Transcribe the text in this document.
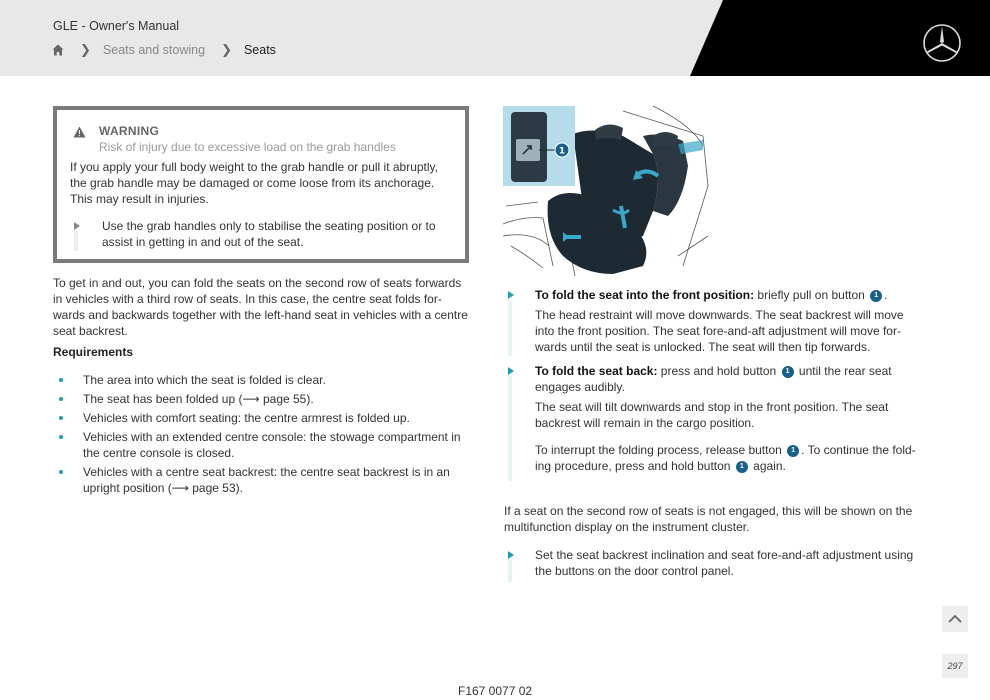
GLE - Owner's Manual
❯ Seats and stowing ❯ Seats
WARNING
Risk of injury due to excessive load on the grab handles
If you apply your full body weight to the grab handle or pull it abruptly, the grab handle may be damaged or come loose from its anchorage. This may result in injuries.
Use the grab handles only to stabilise the seating position or to assist in getting in and out of the seat.
To get in and out, you can fold the seats on the second row of seats forwards in vehicles with a third row of seats. In this case, the centre seat folds for-wards and backwards together with the left-hand seat in vehicles with a centre seat backrest.
Requirements
The area into which the seat is folded is clear.
The seat has been folded up (⟶ page 55).
Vehicles with comfort seating: the centre armrest is folded up.
Vehicles with an extended centre console: the stowage compartment in the centre console is closed.
Vehicles with a centre seat backrest: the centre seat backrest is in an upright position (⟶ page 53).
1

To fold the seat into the front position: briefly pull on button 1 .

The head restraint will move downwards. The seat backrest will move into the front position. The seat fore-and-aft adjustment will move for-wards until the seat is unlocked. The seat will then tip forwards.

To fold the seat back: press and hold button 1 until the rear seat engages audibly.

The seat will tilt downwards and stop in the front position. The seat backrest will remain in the cargo position.

To interrupt the folding process, release button 1 . To continue the fold-ing procedure, press and hold button 1 again.

If a seat on the second row of seats is not engaged, this will be shown on the multifunction display on the instrument cluster.

Set the seat backrest inclination and seat fore-and-aft adjustment using the buttons on the door control panel.

297
F167 0077 02
